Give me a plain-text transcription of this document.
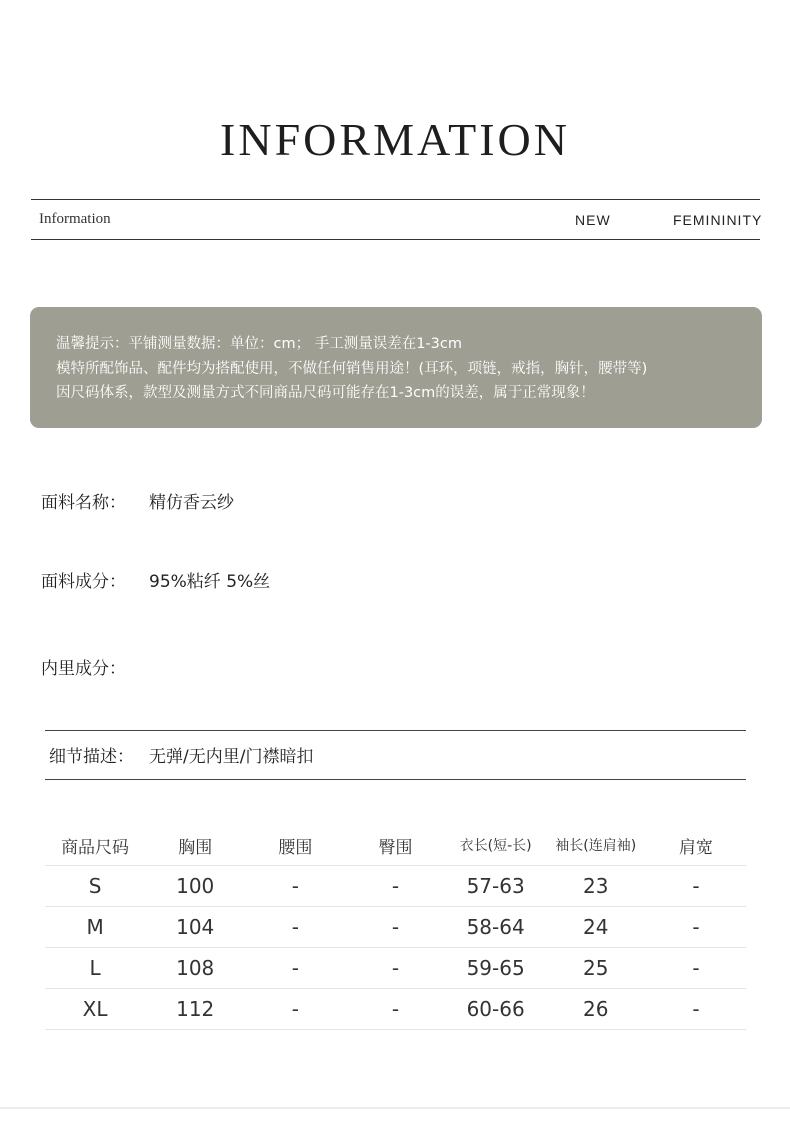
INFORMATION
Information	NEW	FEMININITY
温馨提示：平铺测量数据：单位：cm； 手工测量误差在1-3cm
模特所配饰品、配件均为搭配使用，不做任何销售用途！(耳环，项链，戒指，胸针，腰带等)
因尺码体系，款型及测量方式不同商品尺码可能存在1-3cm的误差，属于正常现象！
面料名称： 精仿香云纱
面料成分： 95%粘纤 5%丝
内里成分：
细节描述： 无弹/无内里/门襟暗扣
商品尺码	胸围	腰围	臀围	衣长(短-长)	袖长(连肩袖)	肩宽
S	100	-	-	57-63	23	-
M	104	-	-	58-64	24	-
L	108	-	-	59-65	25	-
XL	112	-	-	60-66	26	-
